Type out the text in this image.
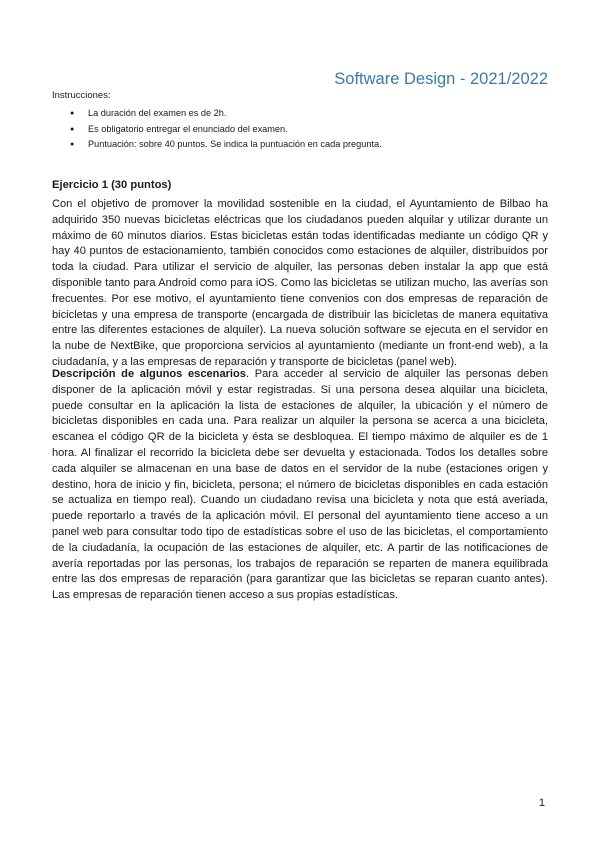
Software Design - 2021/2022
Instrucciones:
● La duración del examen es de 2h.
● Es obligatorio entregar el enunciado del examen.
● Puntuación: sobre 40 puntos. Se indica la puntuación en cada pregunta.
Ejercicio 1 (30 puntos)

Con el objetivo de promover la movilidad sostenible en la ciudad, el Ayuntamiento de Bilbao ha adquirido 350 nuevas bicicletas eléctricas que los ciudadanos pueden alquilar y utilizar durante un máximo de 60 minutos diarios. Estas bicicletas están todas identificadas mediante un código QR y hay 40 puntos de estacionamiento, también conocidos como estaciones de alquiler, distribuidos por toda la ciudad. Para utilizar el servicio de alquiler, las personas deben instalar la app que está disponible tanto para Android como para iOS. Como las bicicletas se utilizan mucho, las averías son frecuentes. Por ese motivo, el ayuntamiento tiene convenios con dos empresas de reparación de bicicletas y una empresa de transporte (encargada de distribuir las bicicletas de manera equitativa entre las diferentes estaciones de alquiler). La nueva solución software se ejecuta en el servidor en la nube de NextBike, que proporciona servicios al ayuntamiento (mediante un front-end web), a la ciudadanía, y a las empresas de reparación y transporte de bicicletas (panel web).

Descripción de algunos escenarios. Para acceder al servicio de alquiler las personas deben disponer de la aplicación móvil y estar registradas. Si una persona desea alquilar una bicicleta, puede consultar en la aplicación la lista de estaciones de alquiler, la ubicación y el número de bicicletas disponibles en cada una. Para realizar un alquiler la persona se acerca a una bicicleta, escanea el código QR de la bicicleta y ésta se desbloquea. El tiempo máximo de alquiler es de 1 hora. Al finalizar el recorrido la bicicleta debe ser devuelta y estacionada. Todos los detalles sobre cada alquiler se almacenan en una base de datos en el servidor de la nube (estaciones origen y destino, hora de inicio y fin, bicicleta, persona; el número de bicicletas disponibles en cada estación se actualiza en tiempo real). Cuando un ciudadano revisa una bicicleta y nota que está averiada, puede reportarlo a través de la aplicación móvil. El personal del ayuntamiento tiene acceso a un panel web para consultar todo tipo de estadísticas sobre el uso de las bicicletas, el comportamiento de la ciudadanía, la ocupación de las estaciones de alquiler, etc. A partir de las notificaciones de avería reportadas por las personas, los trabajos de reparación se reparten de manera equilibrada entre las dos empresas de reparación (para garantizar que las bicicletas se reparan cuanto antes). Las empresas de reparación tienen acceso a sus propias estadísticas.

1
